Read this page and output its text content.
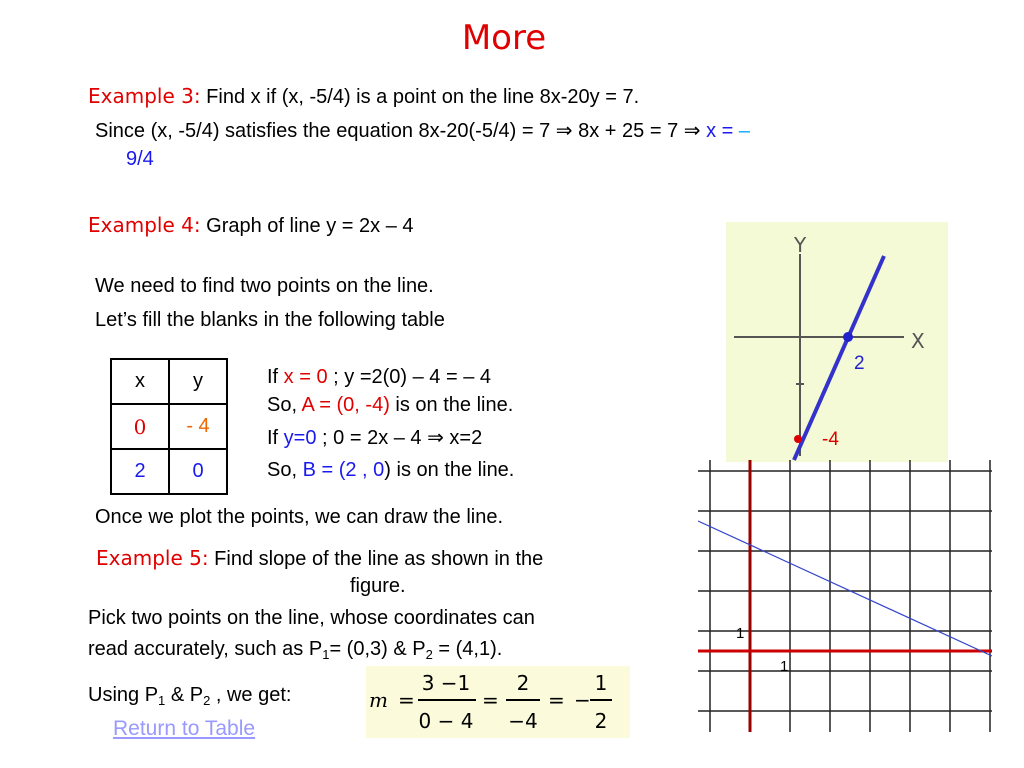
More
Example 3: Find x if (x, -5/4) is a point on the line 8x-20y = 7.
Since (x, -5/4) satisfies the equation 8x-20(-5/4) = 7 ⇒ 8x + 25 = 7 ⇒ x = –
9/4
Example 4: Graph of line y = 2x – 4
We need to find two points on the line.
Let’s fill the blanks in the following table
x	y
0	- 4
2	0
If x = 0 ; y =2(0) – 4 = – 4
So, A = (0, -4) is on the line.
If y=0 ; 0 = 2x – 4 ⇒ x=2
So, B = (2 , 0) is on the line.
Once we plot the points, we can draw the line.
Y
X
2
-4
Example 5: Find slope of the line as shown in the
figure.
Pick two points on the line, whose coordinates can
read accurately, such as $P_1= (0,3)$ & $P_2 = (4,1)$.
Using $P_1$ & $P_2$ , we get:	m =
3 −1
0 − 4
=
2
−4
= −
1
2
1
1
Return to Table
